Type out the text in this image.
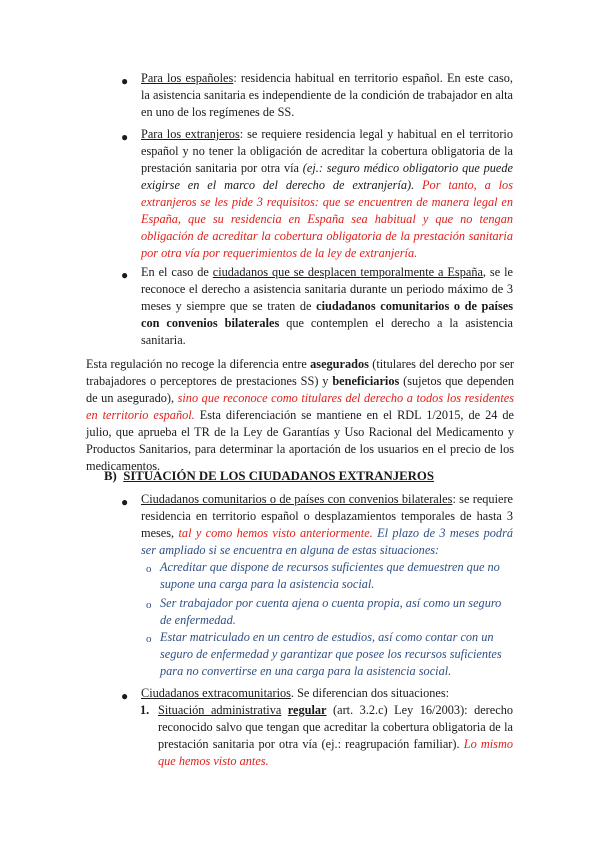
● Para los españoles: residencia habitual en territorio español. En este caso, la asistencia sanitaria es independiente de la condición de trabajador en alta en uno de los regímenes de SS.
● Para los extranjeros: se requiere residencia legal y habitual en el territorio español y no tener la obligación de acreditar la cobertura obligatoria de la prestación sanitaria por otra vía (ej.: seguro médico obligatorio que puede exigirse en el marco del derecho de extranjería). Por tanto, a los extranjeros se les pide 3 requisitos: que se encuentren de manera legal en España, que su residencia en España sea habitual y que no tengan obligación de acreditar la cobertura obligatoria de la prestación sanitaria por otra vía por requerimientos de la ley de extranjería.
● En el caso de ciudadanos que se desplacen temporalmente a España, se le reconoce el derecho a asistencia sanitaria durante un periodo máximo de 3 meses y siempre que se traten de ciudadanos comunitarios o de países con convenios bilaterales que contemplen el derecho a la asistencia sanitaria.
Esta regulación no recoge la diferencia entre asegurados (titulares del derecho por ser trabajadores o perceptores de prestaciones SS) y beneficiarios (sujetos que dependen de un asegurado), sino que reconoce como titulares del derecho a todos los residentes en territorio español. Esta diferenciación se mantiene en el RDL 1/2015, de 24 de julio, que aprueba el TR de la Ley de Garantías y Uso Racional del Medicamento y Productos Sanitarios, para determinar la aportación de los usuarios en el precio de los medicamentos.
B) SITUACIÓN DE LOS CIUDADANOS EXTRANJEROS
● Ciudadanos comunitarios o de países con convenios bilaterales: se requiere residencia en territorio español o desplazamientos temporales de hasta 3 meses, tal y como hemos visto anteriormente. El plazo de 3 meses podrá ser ampliado si se encuentra en alguna de estas situaciones:
o Acreditar que dispone de recursos suficientes que demuestren que no supone una carga para la asistencia social.
o Ser trabajador por cuenta ajena o cuenta propia, así como un seguro de enfermedad.
o Estar matriculado en un centro de estudios, así como contar con un seguro de enfermedad y garantizar que posee los recursos suficientes para no convertirse en una carga para la asistencia social.
● Ciudadanos extracomunitarios. Se diferencian dos situaciones:
1. Situación administrativa regular (art. 3.2.c) Ley 16/2003): derecho reconocido salvo que tengan que acreditar la cobertura obligatoria de la prestación sanitaria por otra vía (ej.: reagrupación familiar). Lo mismo que hemos visto antes.
